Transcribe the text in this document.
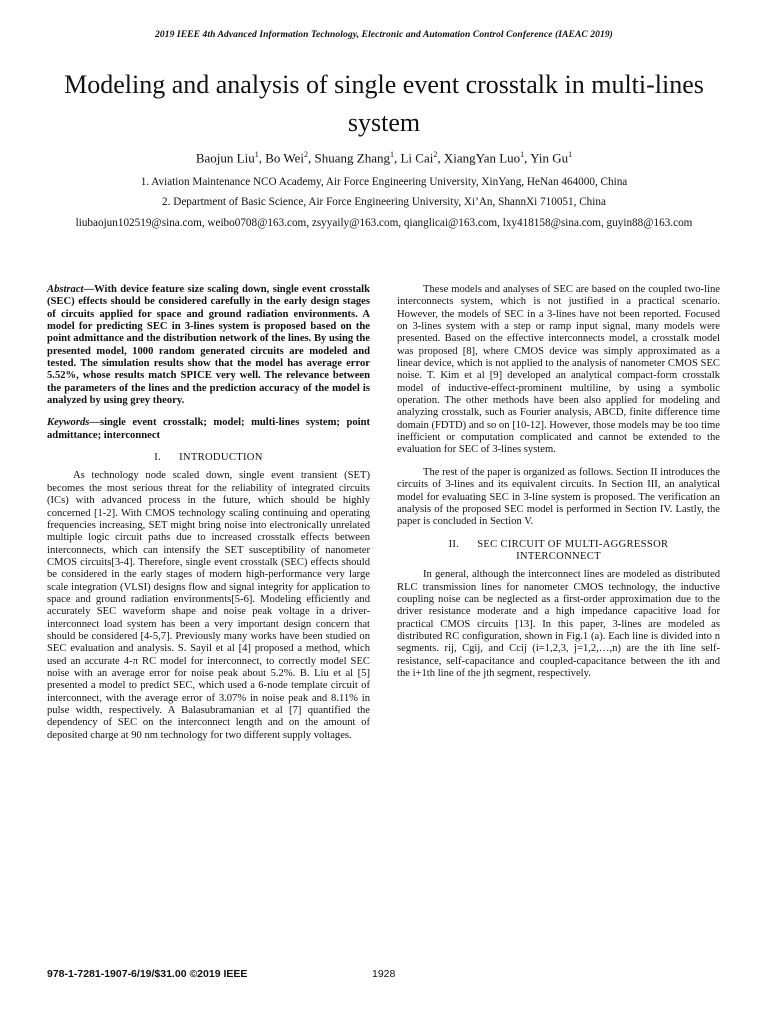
2019 IEEE 4th Advanced Information Technology, Electronic and Automation Control Conference (IAEAC 2019)
Modeling and analysis of single event crosstalk in multi-lines system
Baojun Liu$^1$, Bo Wei$^2$, Shuang Zhang$^1$, Li Cai$^2$, XiangYan Luo$^1$, Yin Gu$^1$
1. Aviation Maintenance NCO Academy, Air Force Engineering University, XinYang, HeNan 464000, China
2. Department of Basic Science, Air Force Engineering University, Xi’An, ShannXi 710051, China
liubaojun102519@sina.com, weibo0708@163.com, zsyyaily@163.com, qianglicai@163.com, lxy418158@sina.com, guyin88@163.com

Abstract—With device feature size scaling down, single event crosstalk (SEC) effects should be considered carefully in the early design stages of circuits applied for space and ground radiation environments. A model for predicting SEC in 3-lines system is proposed based on the point admittance and the distribution network of the lines. By using the presented model, 1000 random generated circuits are modeled and tested. The simulation results show that the model has average error 5.52%, whose results match SPICE very well. The relevance between the parameters of the lines and the prediction accuracy of the model is analyzed by using grey theory.

Keywords—single event crosstalk; model; multi-lines system; point admittance; interconnect

I. INTRODUCTION

As technology node scaled down, single event transient (SET) becomes the most serious threat for the reliability of integrated circuits (ICs) with advanced process in the future, which should be highly concerned [1-2]. With CMOS technology scaling continuing and operating frequencies increasing, SET might bring noise into electronically unrelated multiple logic circuit paths due to increased crosstalk effects between interconnects, which can intensify the SET susceptibility of nanometer CMOS circuits[3-4]. Therefore, single event crosstalk (SEC) effects should be considered in the early stages of modern high-performance very large scale integration (VLSI) designs flow and signal integrity for application to space and ground radiation environments[5-6]. Modeling efficiently and accurately SEC waveform shape and noise peak voltage in a driver-interconnect load system has been a very important design concern that should be considered [4-5,7]. Previously many works have been studied on SEC evaluation and analysis. S. Sayil et al [4] proposed a method, which used an accurate 4-π RC model for interconnect, to correctly model SEC noise with an average error for noise peak about 5.2%. B. Liu et al [5] presented a model to predict SEC, which used a 6-node template circuit of interconnect, with the average error of 3.07% in noise peak and 8.11% in pulse width, respectively. A Balasubramanian et al [7] quantified the dependency of SEC on the interconnect length and on the amount of deposited charge at 90 nm technology for two different supply voltages.

These models and analyses of SEC are based on the coupled two-line interconnects system, which is not justified in a practical scenario. However, the models of SEC in a 3-lines have not been reported. Focused on 3-lines system with a step or ramp input signal, many models were presented. Based on the effective interconnects model, a crosstalk model was proposed [8], where CMOS device was simply approximated as a linear device, which is not applied to the analysis of nanometer CMOS SEC noise. T. Kim et al [9] developed an analytical compact-form crosstalk model of inductive-effect-prominent multiline, by using a symbolic operation. The other methods have been also applied for modeling and analyzing crosstalk, such as Fourier analysis, ABCD, finite difference time domain (FDTD) and so on [10-12]. However, those models may be too time inefficient or computation complicated and cannot be extended to the evaluation for SEC of 3-lines system.

The rest of the paper is organized as follows. Section II introduces the circuits of 3-lines and its equivalent circuits. In Section III, an analytical model for evaluating SEC in 3-line system is proposed. The verification an analysis of the proposed SEC model is performed in Section IV. Lastly, the paper is concluded in Section V.

II. SEC CIRCUIT OF MULTI-AGGRESSOR
INTERCONNECT

In general, although the interconnect lines are modeled as distributed RLC transmission lines for nanometer CMOS technology, the inductive coupling noise can be neglected as a first-order approximation due to the driver resistance moderate and a high impedance capacitive load for practical CMOS circuits [13]. In this paper, 3-lines are modeled as distributed RC configuration, shown in Fig.1 (a). Each line is divided into n segments. rij, Cgij, and Ccij (i=1,2,3, j=1,2,…,n) are the ith line self-resistance, self-capacitance and coupled-capacitance between the ith and the i+1th line of the jth segment, respectively.

978-1-7281-1907-6/19/$31.00 ©2019 IEEE	1928
